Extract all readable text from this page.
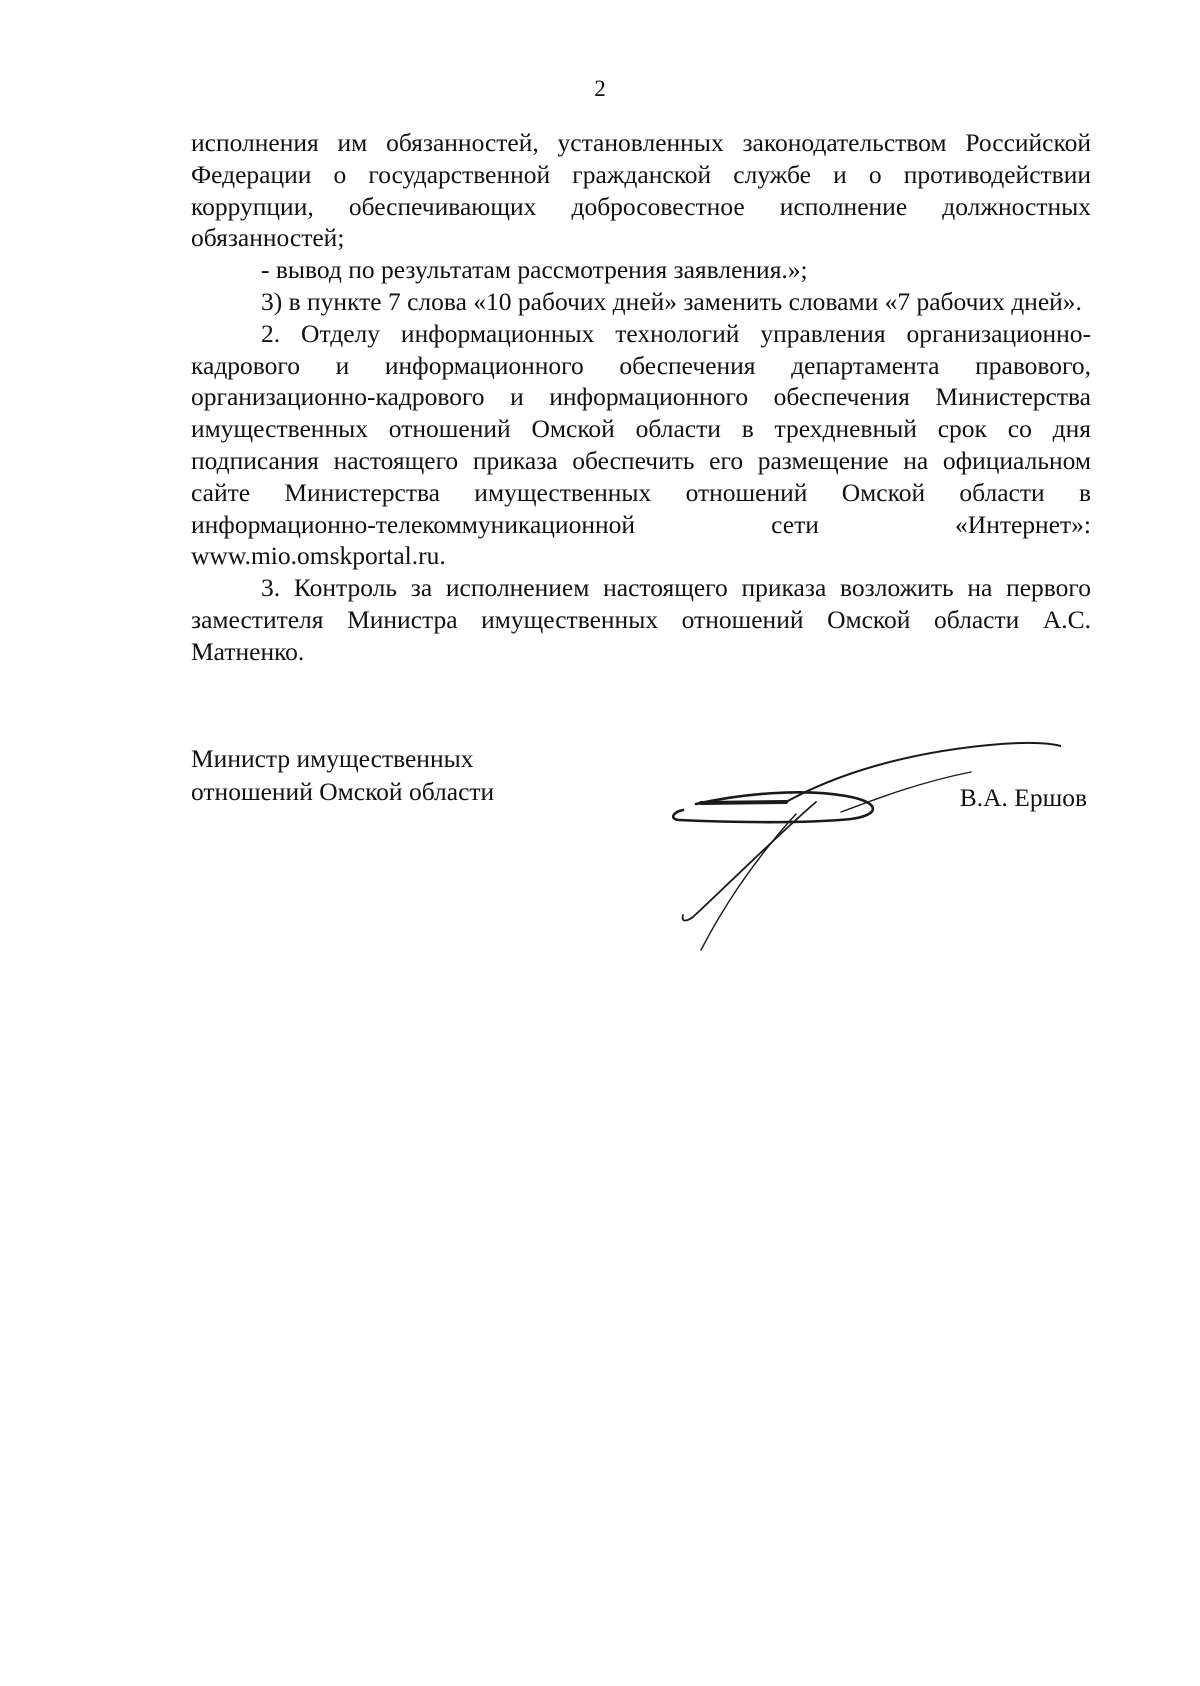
2

исполнения им обязанностей, установленных законодательством Российской Федерации о государственной гражданской службе и о противодействии коррупции, обеспечивающих добросовестное исполнение должностных обязанностей;

- вывод по результатам рассмотрения заявления.»;

3) в пункте 7 слова «10 рабочих дней» заменить словами «7 рабочих дней».

2. Отделу информационных технологий управления организационно-кадрового и информационного обеспечения департамента правового, организационно-кадрового и информационного обеспечения Министерства имущественных отношений Омской области в трехдневный срок со дня подписания настоящего приказа обеспечить его размещение на официальном сайте Министерства имущественных отношений Омской области в информационно-телекоммуникационной сети «Интернет»: www.mio.omskportal.ru.

3. Контроль за исполнением настоящего приказа возложить на первого заместителя Министра имущественных отношений Омской области А.С. Матненко.

Министр имущественных
отношений Омской области	В.А. Ершов
